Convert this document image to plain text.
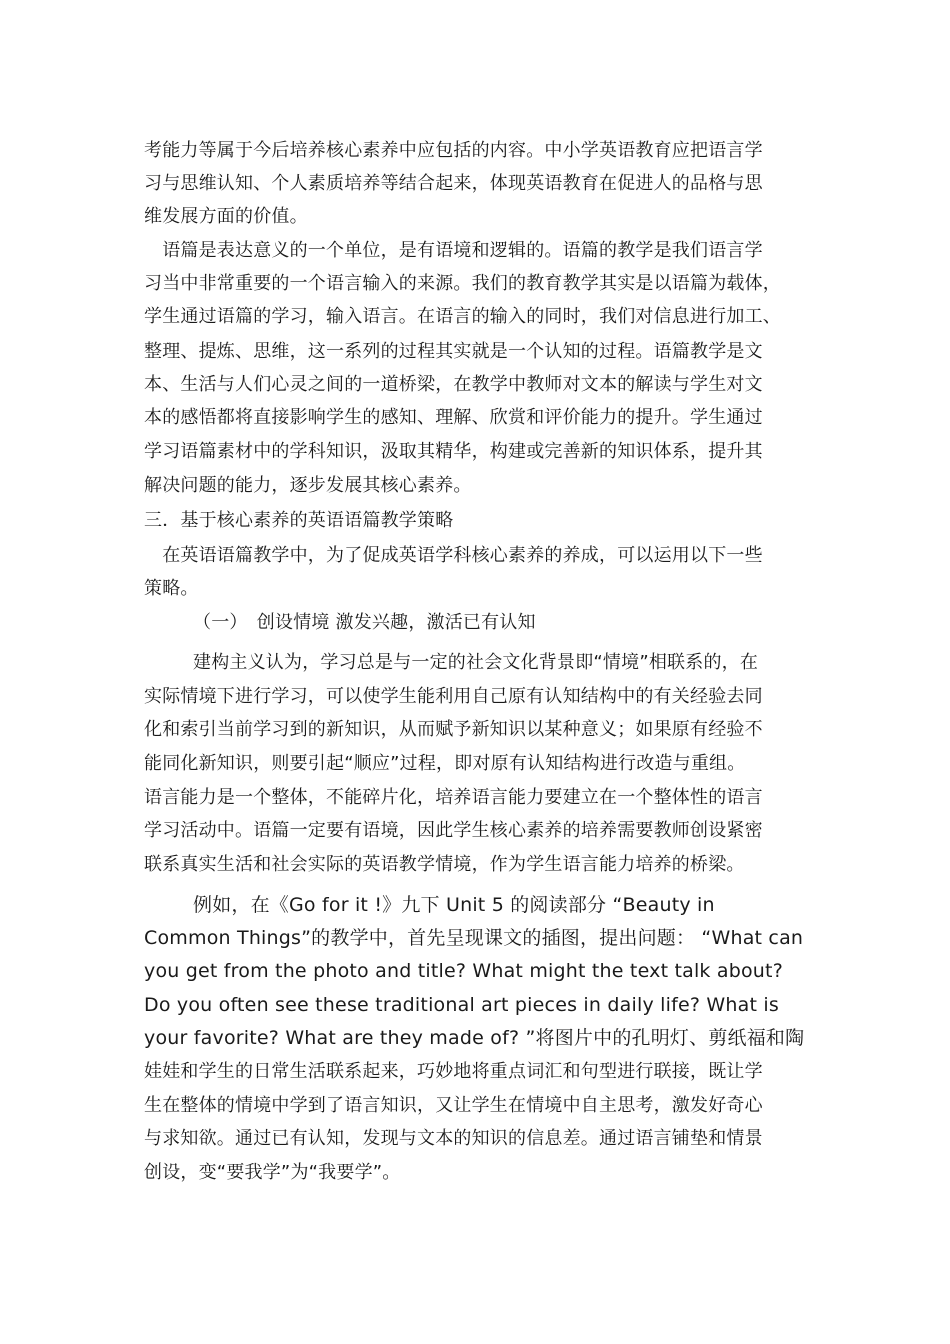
考能力等属于今后培养核心素养中应包括的内容。中小学英语教育应把语言学
习与思维认知、个人素质培养等结合起来，体现英语教育在促进人的品格与思
维发展方面的价值。
　语篇是表达意义的一个单位，是有语境和逻辑的。语篇的教学是我们语言学
习当中非常重要的一个语言输入的来源。我们的教育教学其实是以语篇为载体，
学生通过语篇的学习，输入语言。在语言的输入的同时，我们对信息进行加工、
整理、提炼、思维，这一系列的过程其实就是一个认知的过程。语篇教学是文
本、生活与人们心灵之间的一道桥梁，在教学中教师对文本的解读与学生对文
本的感悟都将直接影响学生的感知、理解、欣赏和评价能力的提升。学生通过
学习语篇素材中的学科知识，汲取其精华，构建或完善新的知识体系，提升其
解决问题的能力，逐步发展其核心素养。
三．基于核心素养的英语语篇教学策略
　在英语语篇教学中，为了促成英语学科核心素养的养成，可以运用以下一些
策略。
（一）　创设情境 激发兴趣，激活已有认知
建构主义认为，学习总是与一定的社会文化背景即“情境”相联系的，在
实际情境下进行学习，可以使学生能利用自己原有认知结构中的有关经验去同
化和索引当前学习到的新知识，从而赋予新知识以某种意义；如果原有经验不
能同化新知识，则要引起“顺应”过程，即对原有认知结构进行改造与重组。
语言能力是一个整体，不能碎片化，培养语言能力要建立在一个整体性的语言
学习活动中。语篇一定要有语境，因此学生核心素养的培养需要教师创设紧密
联系真实生活和社会实际的英语教学情境，作为学生语言能力培养的桥梁。
例如，在《Go for it !》九下 Unit 5 的阅读部分 “Beauty in
Common Things”的教学中，首先呈现课文的插图，提出问题： “What can
you get from the photo and title? What might the text talk about?
Do you often see these traditional art pieces in daily life? What is
your favorite? What are they made of? ”将图片中的孔明灯、剪纸福和陶
娃娃和学生的日常生活联系起来，巧妙地将重点词汇和句型进行联接，既让学
生在整体的情境中学到了语言知识，又让学生在情境中自主思考，激发好奇心
与求知欲。通过已有认知，发现与文本的知识的信息差。通过语言铺垫和情景
创设，变“要我学”为“我要学”。
